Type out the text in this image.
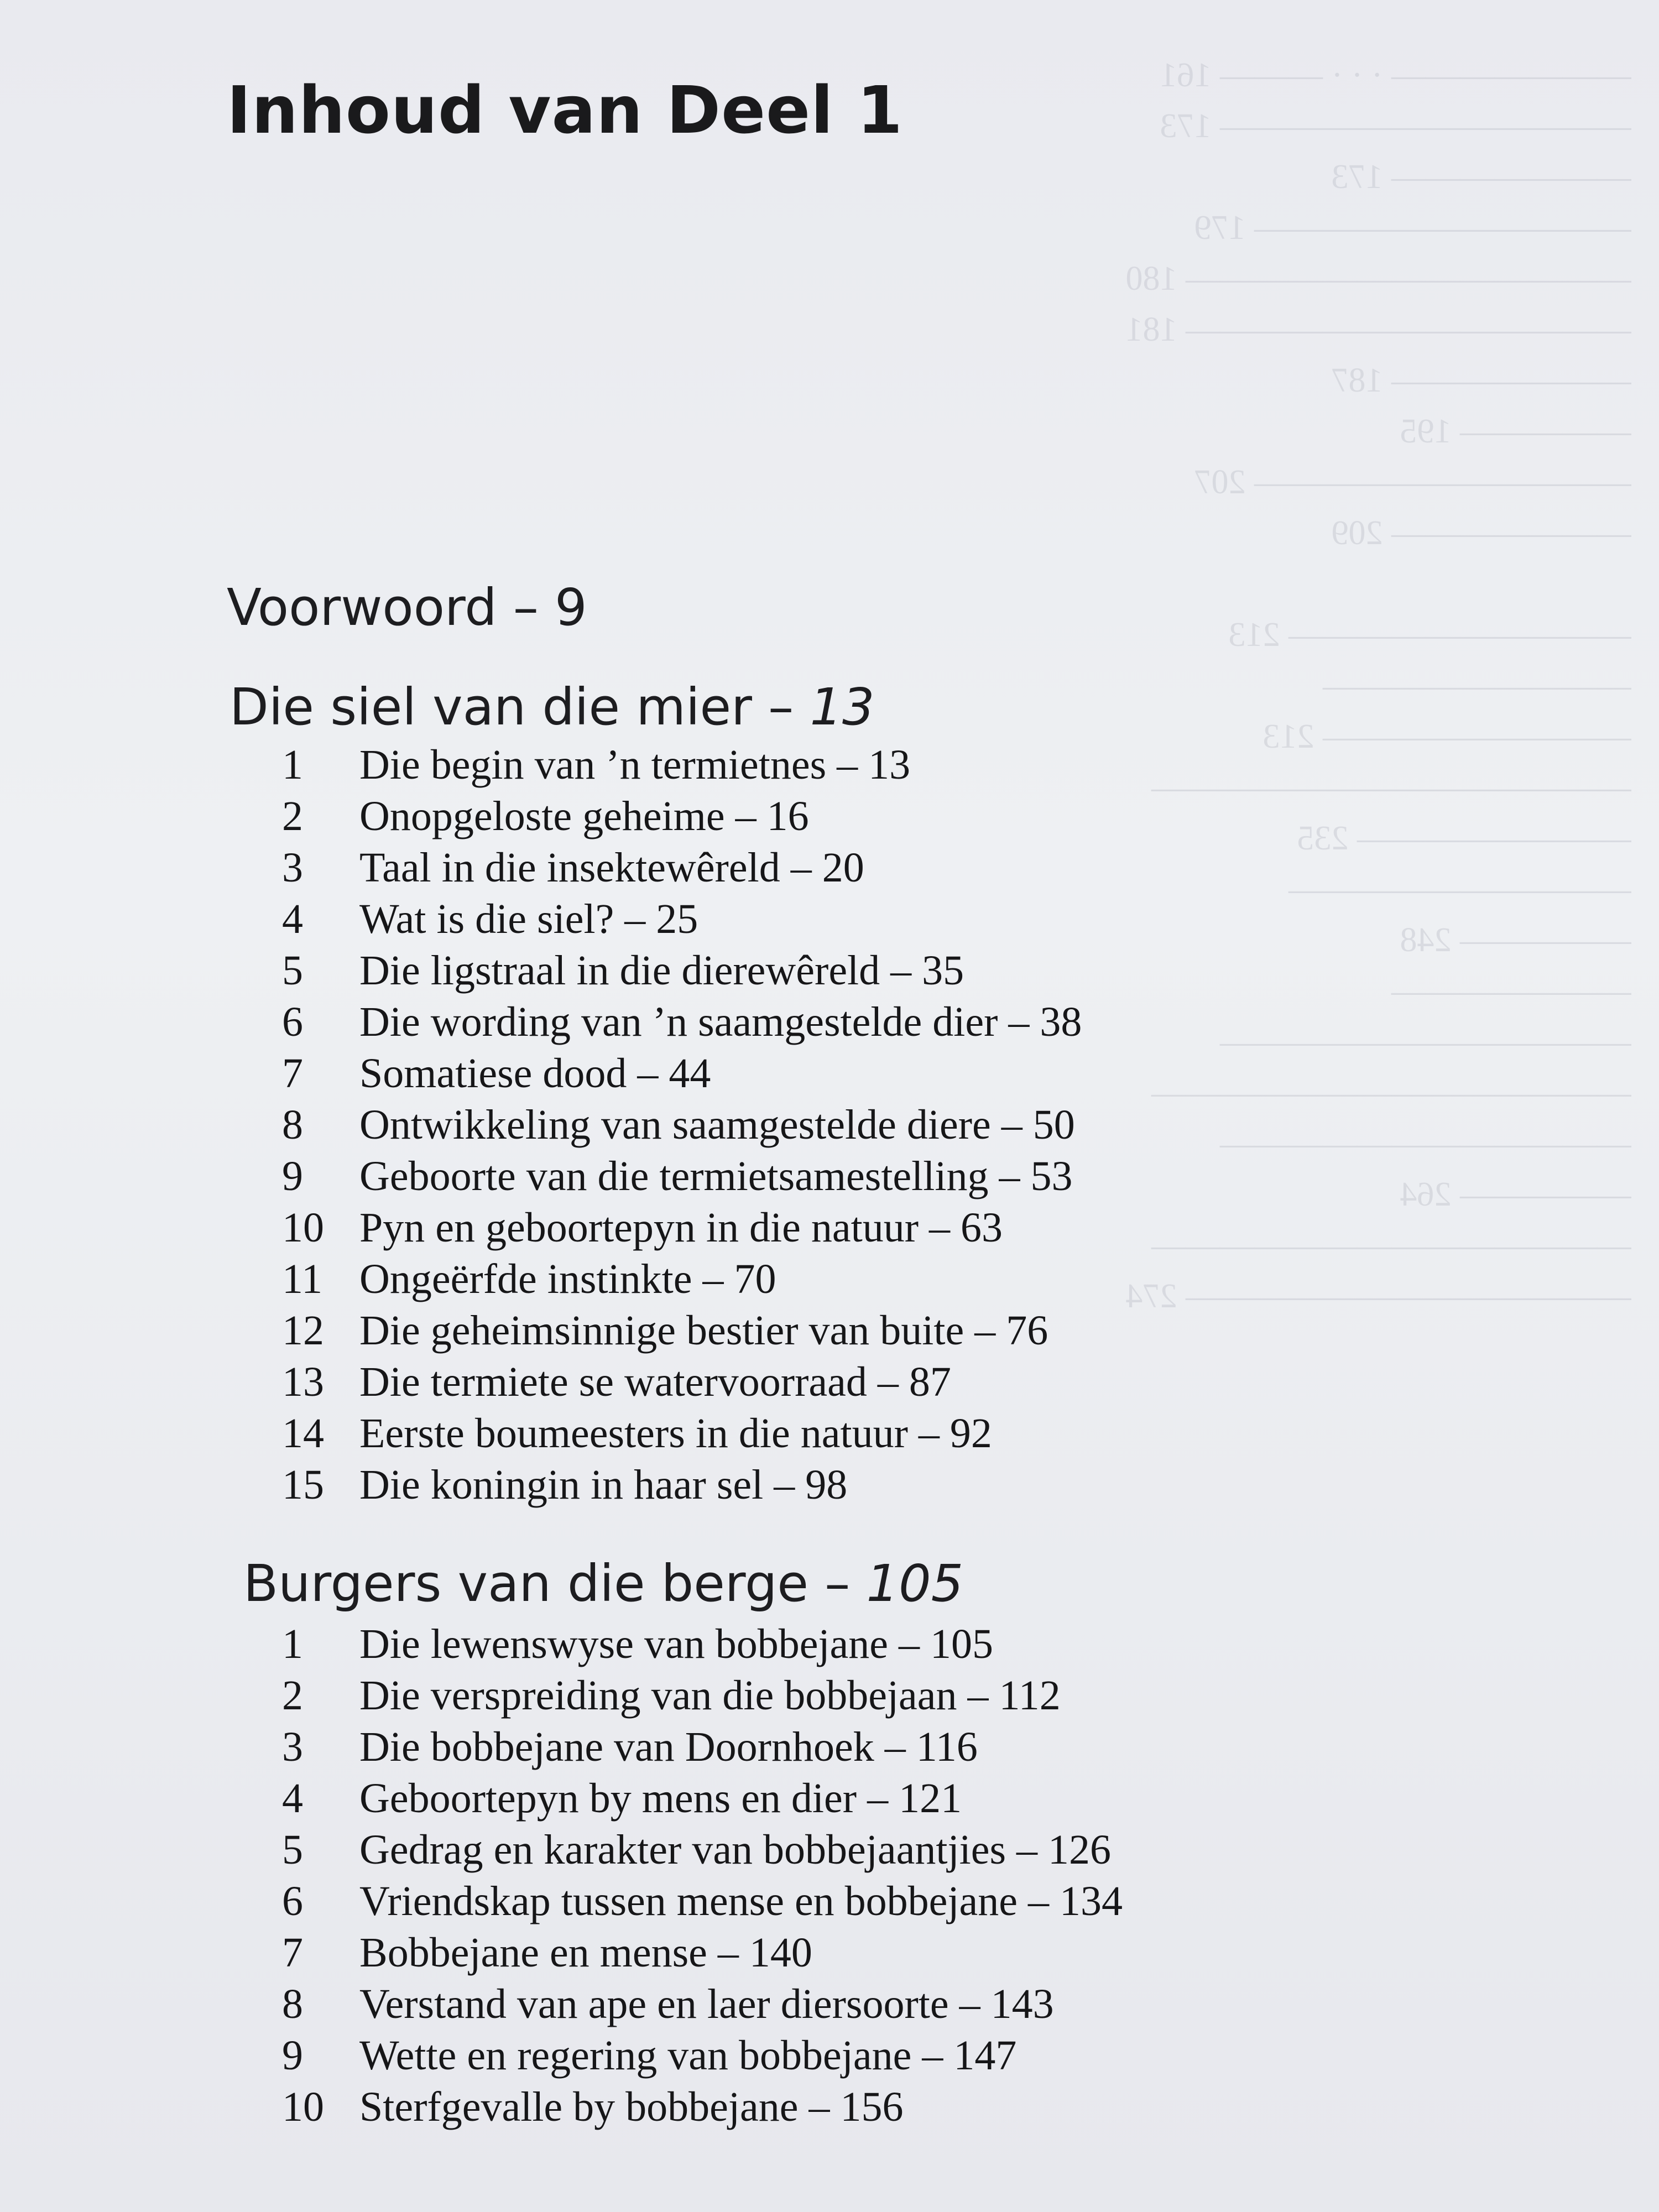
——————— · · · ——— 161
———————————— 173
——————— 173
——————————— 179
————————————— 180
————————————— 181
——————— 187
————— 195
——————————— 207
——————— 209

—————————— 213
—————————
————————— 213
——————————————
———————— 235
——————————
————— 248
———————
————————————
——————————————
————————————
————— 264
——————————————
————————————— 274
Inhoud van Deel 1
Voorwoord – 9
Die siel van die mier – 13
1	Die begin van ’n termietnes – 13
2	Onopgeloste geheime – 16
3	Taal in die insektewêreld – 20
4	Wat is die siel? – 25
5	Die ligstraal in die dierewêreld – 35
6	Die wording van ’n saamgestelde dier – 38
7	Somatiese dood – 44
8	Ontwikkeling van saamgestelde diere – 50
9	Geboorte van die termietsamestelling – 53
10 Pyn en geboortepyn in die natuur – 63
11 Ongeërfde instinkte – 70
12 Die geheimsinnige bestier van buite – 76
13 Die termiete se watervoorraad – 87
14 Eerste boumeesters in die natuur – 92
15 Die koningin in haar sel – 98
Burgers van die berge – 105
1	Die lewenswyse van bobbejane – 105
2	Die verspreiding van die bobbejaan – 112
3	Die bobbejane van Doornhoek – 116
4	Geboortepyn by mens en dier – 121
5	Gedrag en karakter van bobbejaantjies – 126
6	Vriendskap tussen mense en bobbejane – 134
7	Bobbejane en mense – 140
8	Verstand van ape en laer diersoorte – 143
9	Wette en regering van bobbejane – 147
10 Sterfgevalle by bobbejane – 156
